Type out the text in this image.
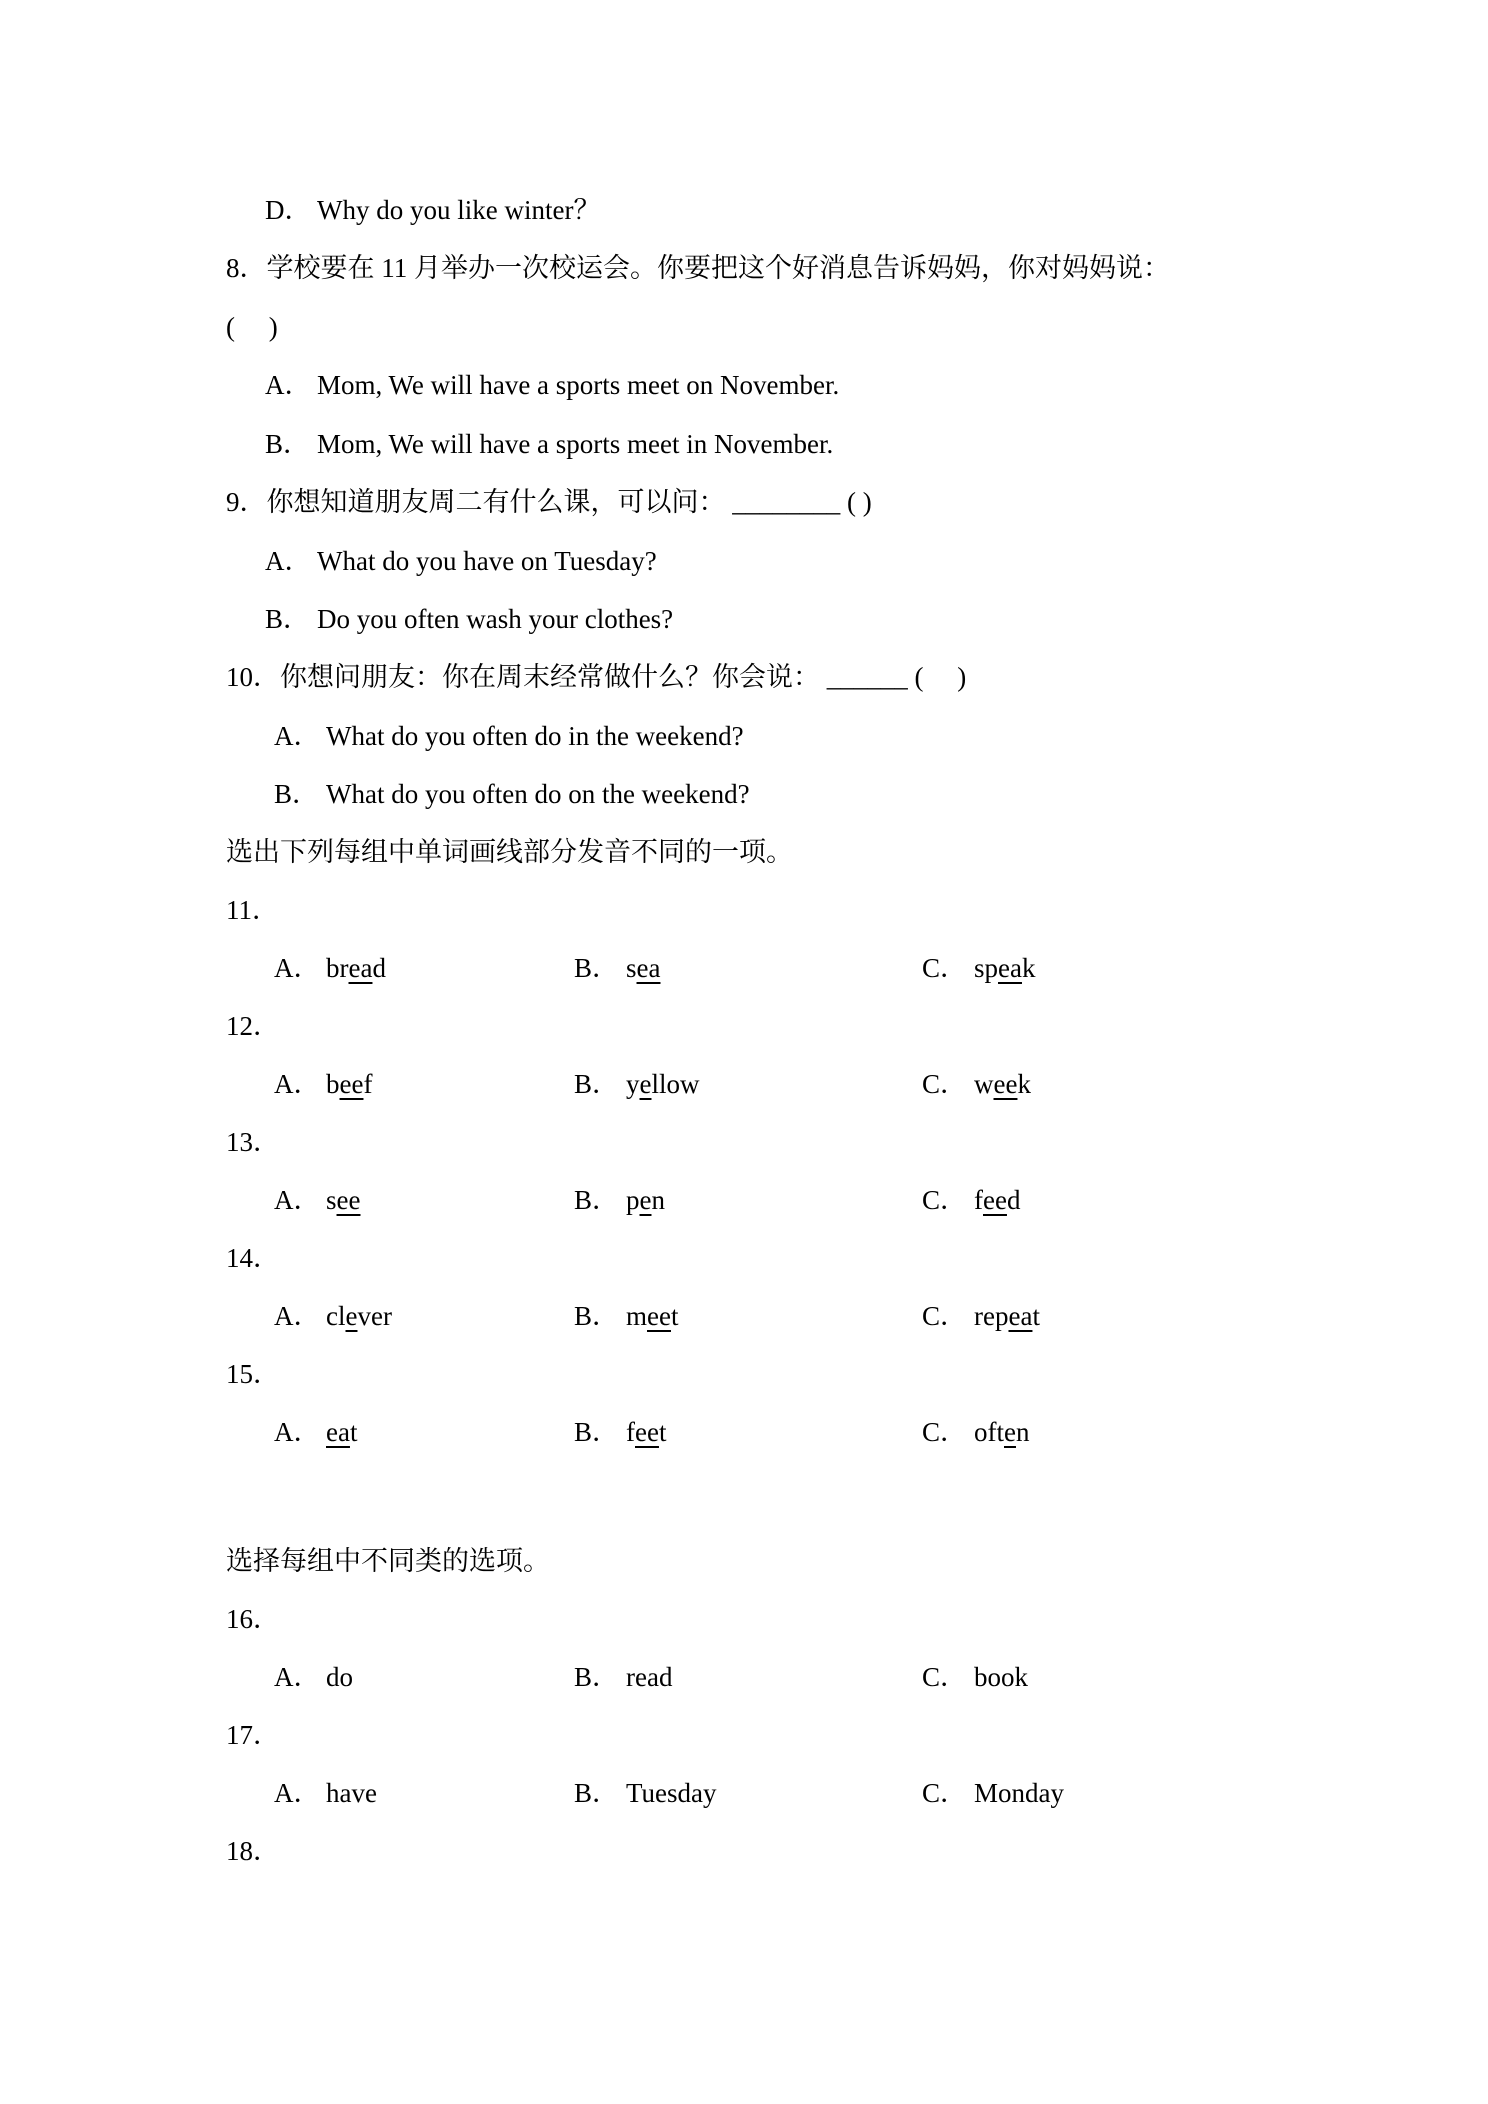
D． Why do you like winter？
8．学校要在 11 月举办一次校运会。你要把这个好消息告诉妈妈，你对妈妈说：
(　 )
A． Mom, We will have a sports meet on November.
B． Mom, We will have a sports meet in November.
9．你想知道朋友周二有什么课，可以问： ________ ( )
A． What do you have on Tuesday?
B． Do you often wash your clothes?
10．你想问朋友：你在周末经常做什么？你会说： ______ (　 )
A． What do you often do in the weekend?
B． What do you often do on the weekend?
选出下列每组中单词画线部分发音不同的一项。
11．
A． bread	B． sea	C． speak
12．
A． beef	B． yellow	C． week
13．
A． see	B． pen	C． feed
14．
A． clever	B． meet	C． repeat
15．
A． eat	B． feet	C． often
选择每组中不同类的选项。
16．
A． do	B． read	C． book
17．
A． have	B． Tuesday	C． Monday
18．
